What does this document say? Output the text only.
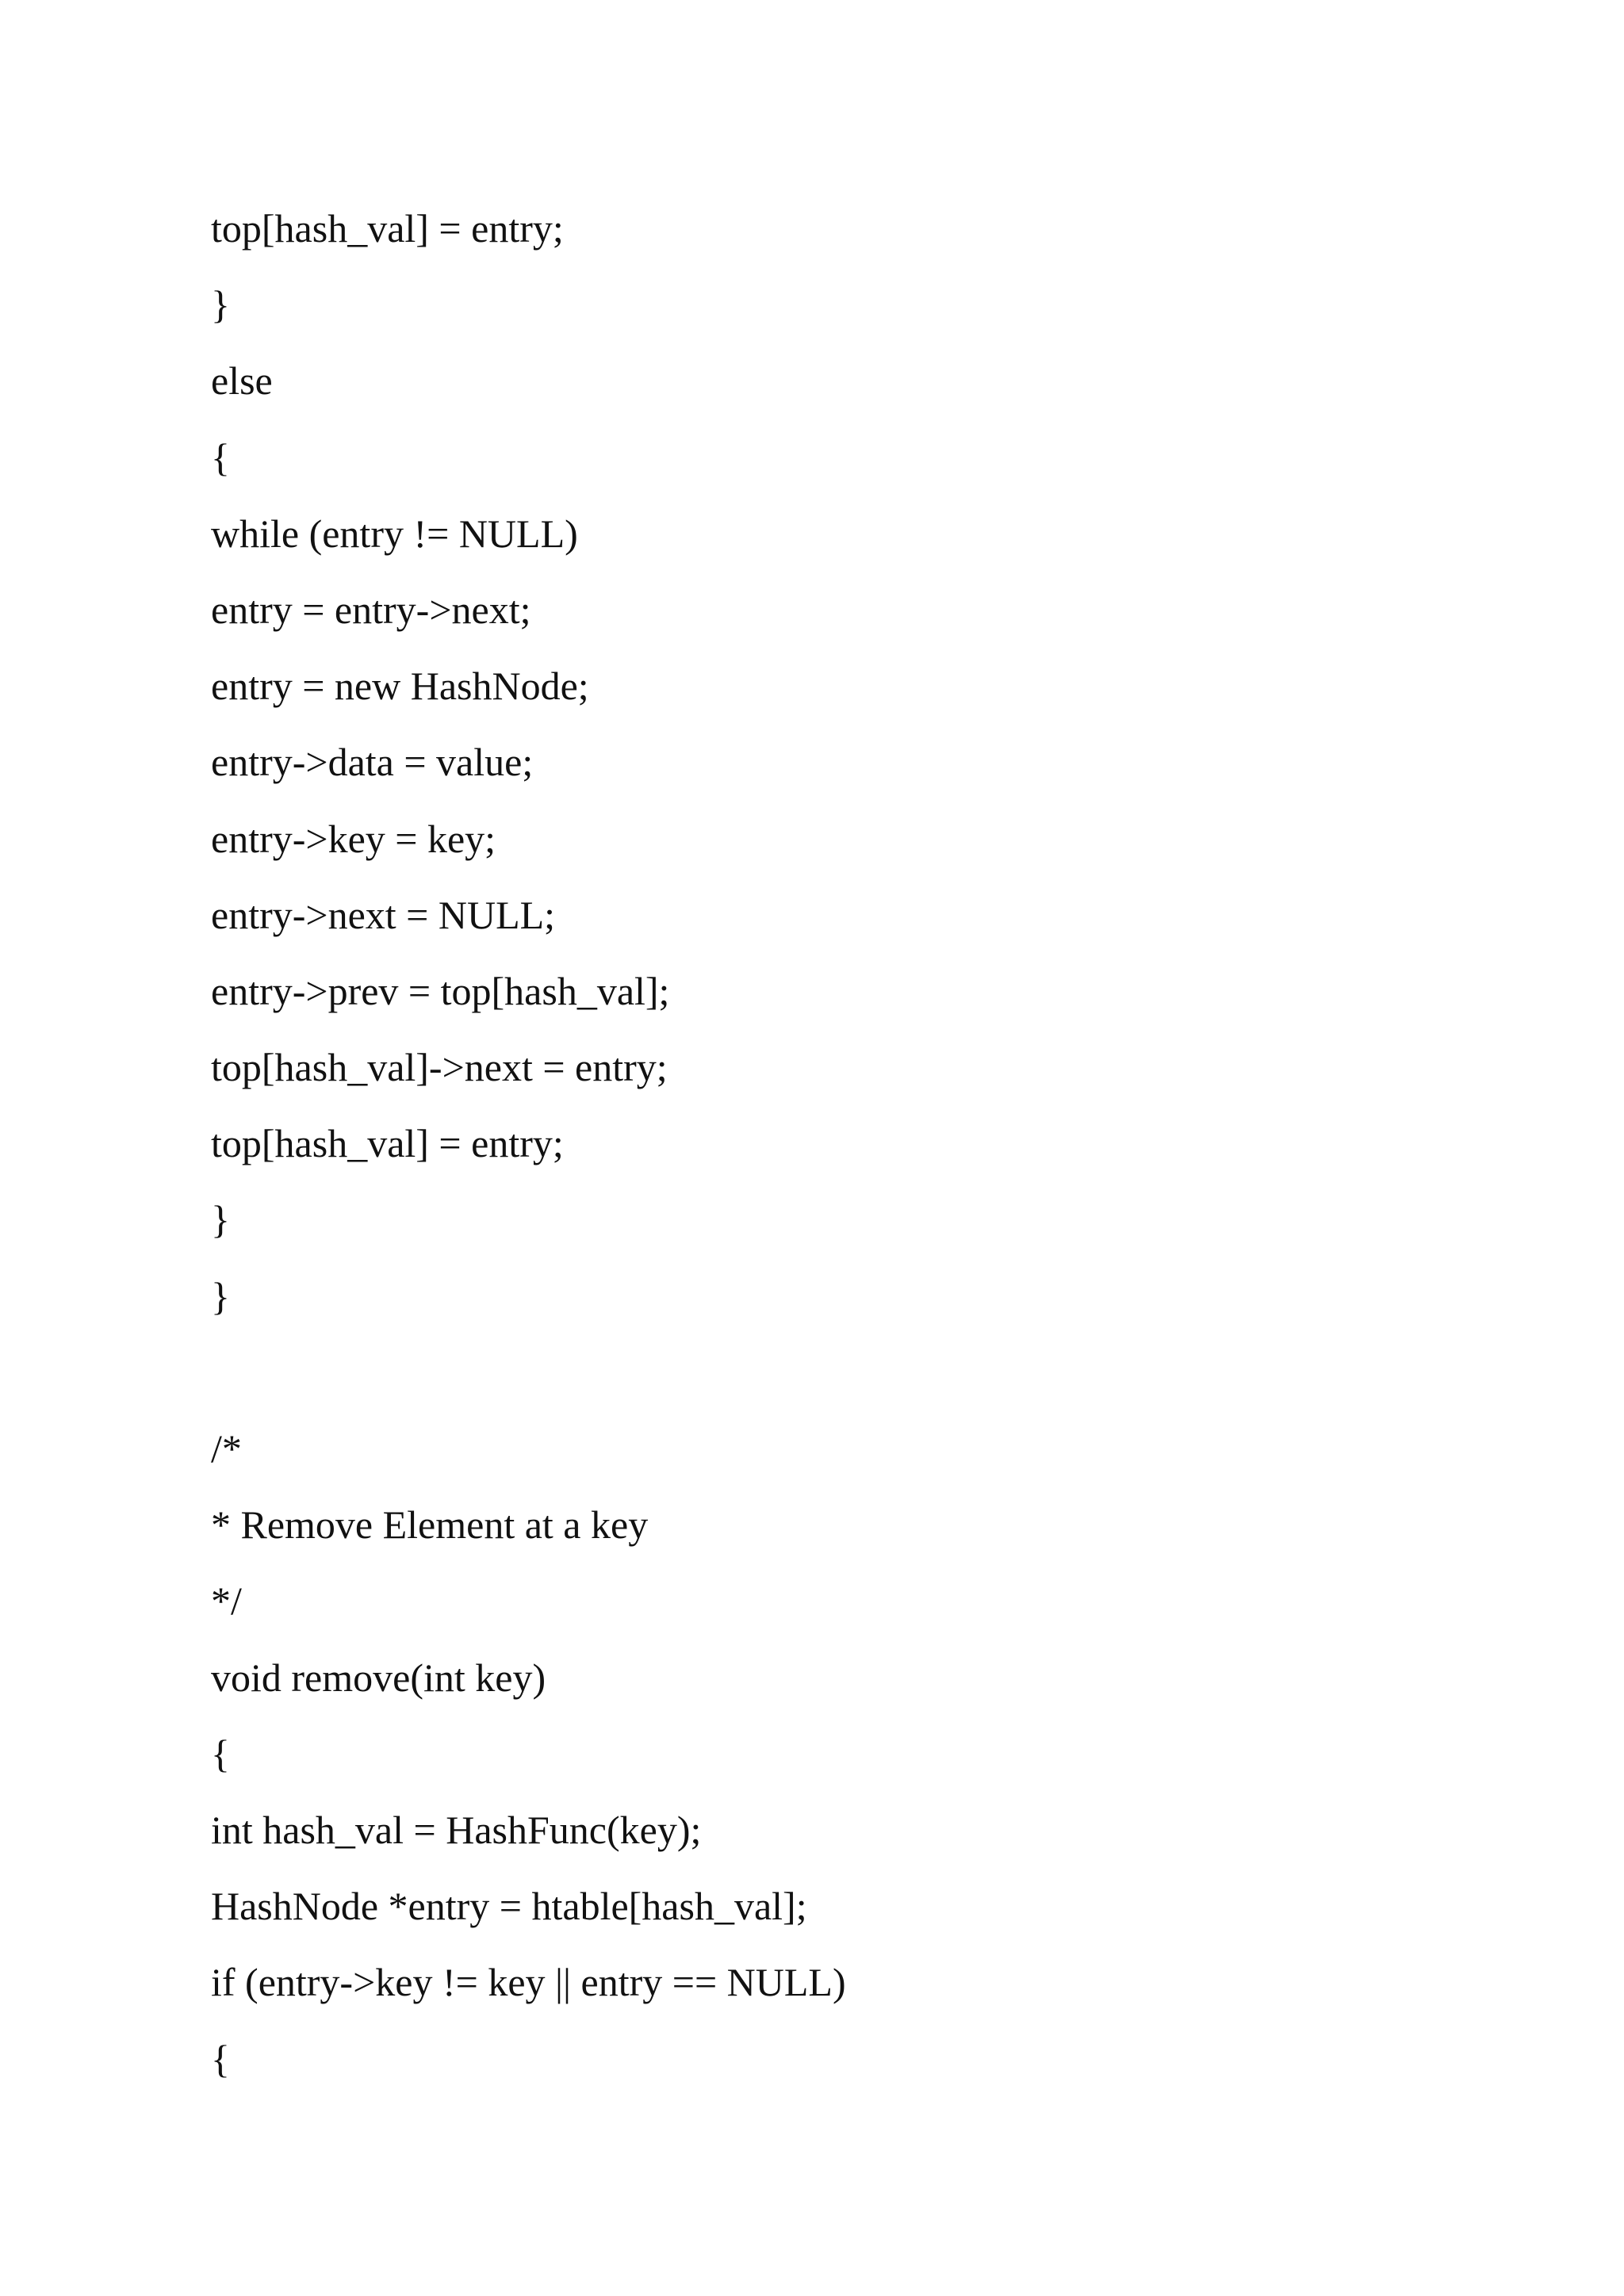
top[hash_val] = entry;
}
else
{
while (entry != NULL)
entry = entry->next;
entry = new HashNode;
entry->data = value;
entry->key = key;
entry->next = NULL;
entry->prev = top[hash_val];
top[hash_val]->next = entry;
top[hash_val] = entry;
}
}
/*
* Remove Element at a key
*/
void remove(int key)
{
int hash_val = HashFunc(key);
HashNode *entry = htable[hash_val];
if (entry->key != key || entry == NULL)
{
